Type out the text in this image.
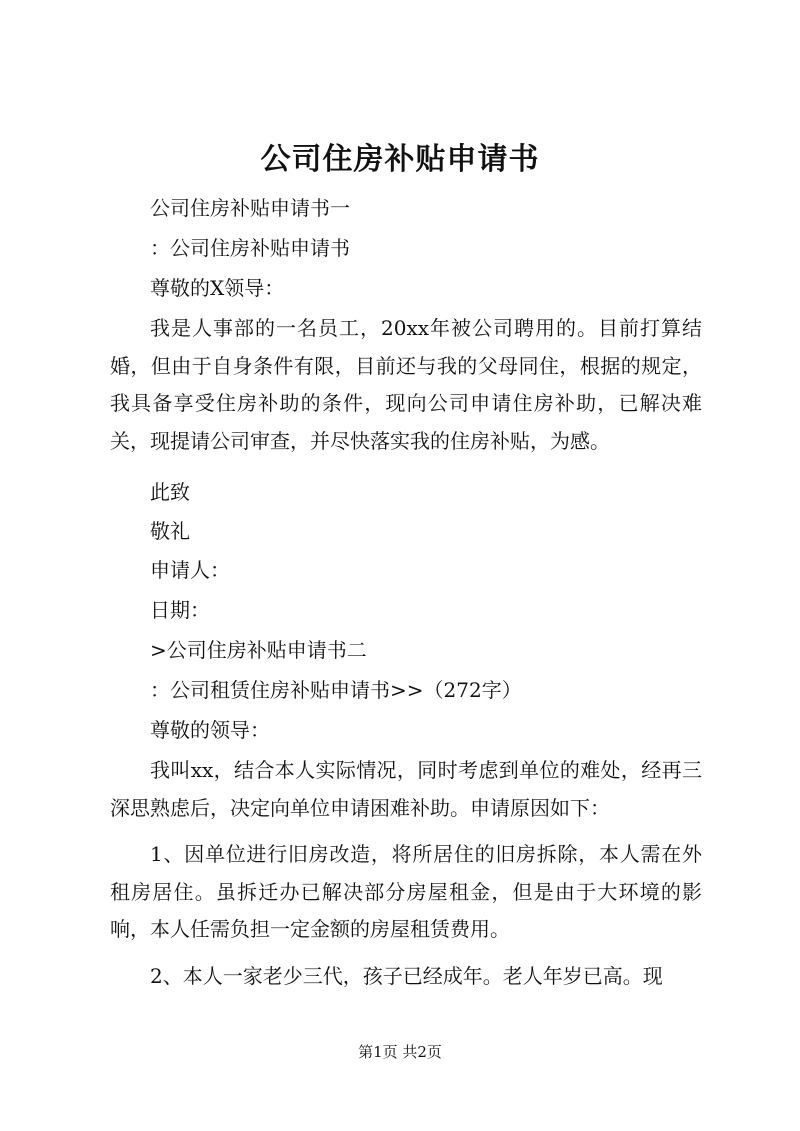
公司住房补贴申请书
公司住房补贴申请书一
：公司住房补贴申请书
尊敬的X领导：
我是人事部的一名员工，20xx年被公司聘用的。目前打算结婚，但由于自身条件有限，目前还与我的父母同住，根据的规定，我具备享受住房补助的条件，现向公司申请住房补助，已解决难关，现提请公司审查，并尽快落实我的住房补贴，为感。
此致
敬礼
申请人：
日期：
>公司住房补贴申请书二
：公司租赁住房补贴申请书>>（272字）
尊敬的领导：
我叫xx，结合本人实际情况，同时考虑到单位的难处，经再三深思熟虑后，决定向单位申请困难补助。申请原因如下：
1、因单位进行旧房改造，将所居住的旧房拆除，本人需在外租房居住。虽拆迁办已解决部分房屋租金，但是由于大环境的影响，本人任需负担一定金额的房屋租赁费用。
2、本人一家老少三代，孩子已经成年。老人年岁已高。现
第1页 共2页
